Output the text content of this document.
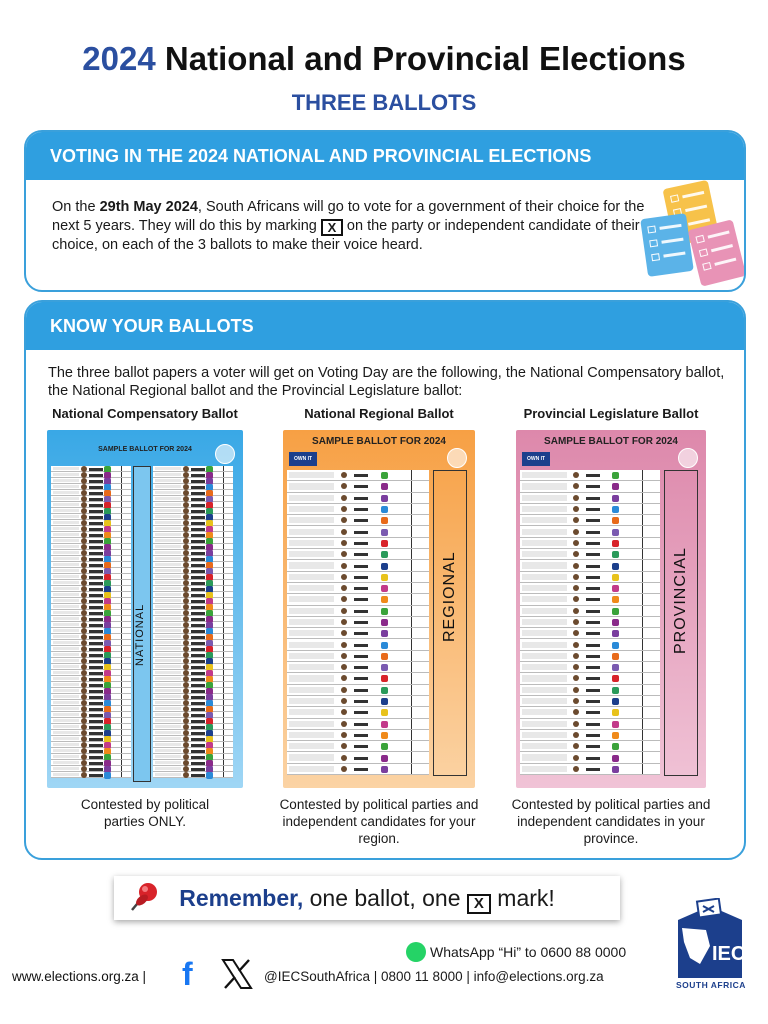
2024 National and Provincial Elections
THREE BALLOTS
VOTING IN THE 2024 NATIONAL AND PROVINCIAL ELECTIONS
On the 29th May 2024, South Africans will go to vote for a government of their choice for the next 5 years. They will do this by marking X on the party or independent candidate of their choice, on each of the 3 ballots to make their voice heard.
KNOW YOUR BALLOTS
The three ballot papers a voter will get on Voting Day are the following, the National Compensatory ballot, the National Regional ballot and the Provincial Legislature ballot:
National Compensatory Ballot
SAMPLE BALLOT FOR 2024
NATIONAL
Contested by political parties ONLY.
National Regional Ballot
SAMPLE BALLOT FOR 2024
OWN IT
REGIONAL
Contested by political parties and independent candidates for your region.
Provincial Legislature Ballot
SAMPLE BALLOT FOR 2024
OWN IT
PROVINCIAL
Contested by political parties and independent candidates in your province.
Remember, one ballot, one X mark!
WhatsApp “Hi” to 0600 88 0000
www.elections.org.za | f	@IECSouthAfrica | 0800 11 8000 | info@elections.org.za
IEC
SOUTH AFRICA
